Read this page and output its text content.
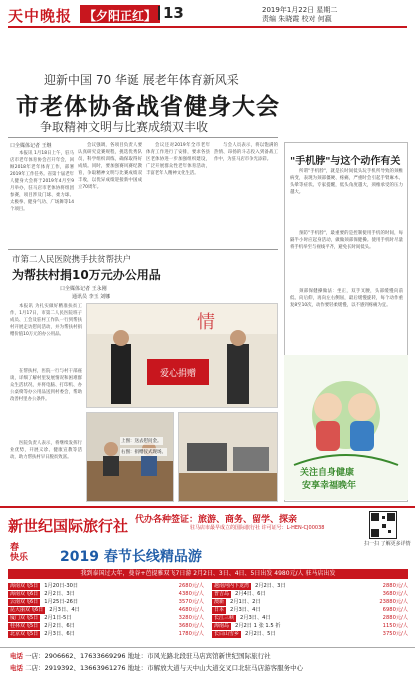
天中晚报 【夕阳正红】 13	2019年1月22日 星期二
责编 朱晓霞 校对 何嬴
迎新中国 70 华诞 展老年体育新风采
市老体协备战省健身大会
争取精神文明与比赛成绩双丰收
口全媒体记者 王继

本报讯 1月18日上午，驻马店市老年体育协会召开年会，回顾2018年老年体育工作，部署2019年工作任务。省第十届老年人健身大会将于2019年4月至9月举办，驻马店市老体协将组团参赛，项目涉及门球、柔力球、太极拳、健身气功、广场舞等14个项目。

会议强调，各项目负责人要认真研究竞赛规程，挑选优秀队员，科学组织训练，确保取得好成绩。同时，要加强赛风赛纪教育，争取精神文明与比赛成绩双丰收，以优异成绩迎接新中国成立70周年。

会议还对2019年全市老年体育工作进行了安排，要求各县区老体协进一步加强组织建设，广泛开展群众性老年体育活动，丰富老年人精神文化生活。

与会人员表示，将以饱满的热情、昂扬的斗志投入到备战工作中，为驻马店市争光添彩。	"手机脖"与这个动作有关

所谓"手机脖"，就是长时间低头玩手机所导致的颈椎病变，表现为颈部僵硬、疼痛，严重时会引起手臂麻木、头晕等症状。专家提醒，低头角度越大，颈椎承受的压力越大。

预防"手机脖"，最重要的是控制使用手机的时间，每隔半小时应起身活动，做做颈部保健操。使用手机时尽量将手机举至与视线平齐，避免长时间低头。

颈部保健操做法：坐正，双手叉腰，头部缓慢向前低、向后仰，再向左右侧屈，最后缓慢旋转，每个动作重复8至10次，动作要轻柔缓慢，以不感到疼痛为宜。

关注自身健康
安享幸福晚年
市第二人民医院携手扶贫帮扶户
为帮扶村捐10万元办公用品
口全媒体记者 王永刚
通讯员 李玉 刘娜

本报讯 为扎实做好精准扶贫工作，1月17日，市第二人民医院班子成员、工会及驻村工作队一行到帮扶村开展走访慰问活动，并为帮扶村捐赠价值10万元的办公用品。

在帮扶村，医院一行与村干部座谈，详细了解村里发展情况和困难群众生活状况，并将电脑、打印机、办公桌椅等办公用品送到村委会，帮助改善村里办公条件。

医院负责人表示，将继续发挥行业优势，开展义诊、健康宣教等活动，助力帮扶村早日脱贫致富。

情
爱心捐赠
上图：送去慰问金。
右图：捐赠仪式现场。
新世纪国际旅行社 代办各种签证：旅游、商务、留学、探亲
驻马店市最早成立的国际旅行社 许可证号：L-HEN-CJ00038
扫一扫 了解更多详情
春
快乐	2019 春节长线精品游
我到泰国过大年，曼谷+芭提雅双飞7日游 2月2日、3日、4日、5日出发 4980元/人 驻马店出发
海南双飞5日 1月20日-30日	2680元/人
海南双飞6日 2月2日、3日	4380元/人
云南双飞6日 1月25日-26日	3570元/人
昆大丽双飞6日 2月3日、4日	4680元/人
厦门双飞5日 2月1日-5日	3280元/人
桂林双飞5日 2月2日、6日	3680元/人
北京双飞5日 2月3日、6日	1780元/人
越南河内下龙湾 2月2日、3日	2880元/人
普吉岛 2月4日、6日	3680元/人
澳新 2月1日、2日	23880元/人
日本 2月3日、4日	6980元/人
长江三峡 2月3日、4日	2880元/人
海南岛 2月2日 1 张 1.5 折	1150元/人
长白山雪乡 2月2日、5日	3750元/人
电话 一店：2906662、17633669296 地址：市风光路北段驻马店宾馆新世纪国际旅行社
电话 二店：2919392、13663961276 地址：市解放大道与天中山大道交叉口北驻马店游客服务中心
